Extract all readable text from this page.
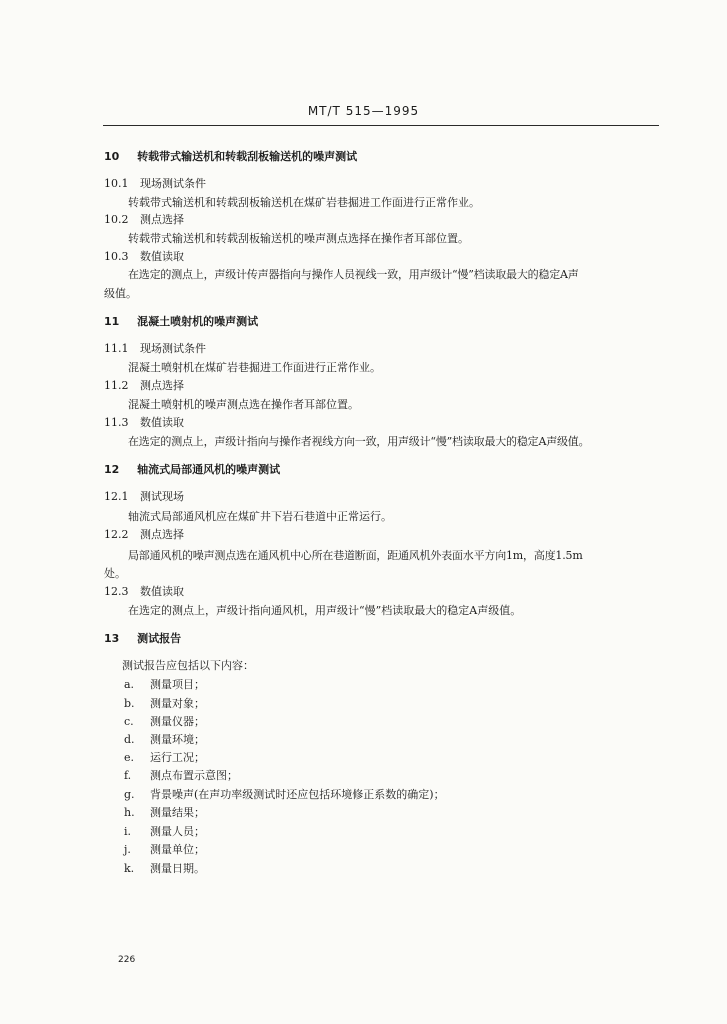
MT/T 515—1995
10 转载带式输送机和转载刮板输送机的噪声测试
10.1 现场测试条件
转载带式输送机和转载刮板输送机在煤矿岩巷掘进工作面进行正常作业。
10.2 测点选择
转载带式输送机和转载刮板输送机的噪声测点选择在操作者耳部位置。
10.3 数值读取
在选定的测点上，声级计传声器指向与操作人员视线一致，用声级计“慢”档读取最大的稳定A声
级值。
11 混凝土喷射机的噪声测试
11.1 现场测试条件
混凝土喷射机在煤矿岩巷掘进工作面进行正常作业。
11.2 测点选择
混凝土喷射机的噪声测点选在操作者耳部位置。
11.3 数值读取
在选定的测点上，声级计指向与操作者视线方向一致，用声级计“慢”档读取最大的稳定A声级值。
12 轴流式局部通风机的噪声测试
12.1 测试现场
轴流式局部通风机应在煤矿井下岩石巷道中正常运行。
12.2 测点选择
局部通风机的噪声测点选在通风机中心所在巷道断面，距通风机外表面水平方向1m，高度1.5m
处。
12.3 数值读取
在选定的测点上，声级计指向通风机，用声级计“慢”档读取最大的稳定A声级值。
13 测试报告
测试报告应包括以下内容：
a. 测量项目；
b. 测量对象；
c. 测量仪器；
d. 测量环境；
e. 运行工况；
f. 测点布置示意图；
g. 背景噪声(在声功率级测试时还应包括环境修正系数的确定)；
h. 测量结果；
i. 测量人员；
j. 测量单位；
k. 测量日期。
226
